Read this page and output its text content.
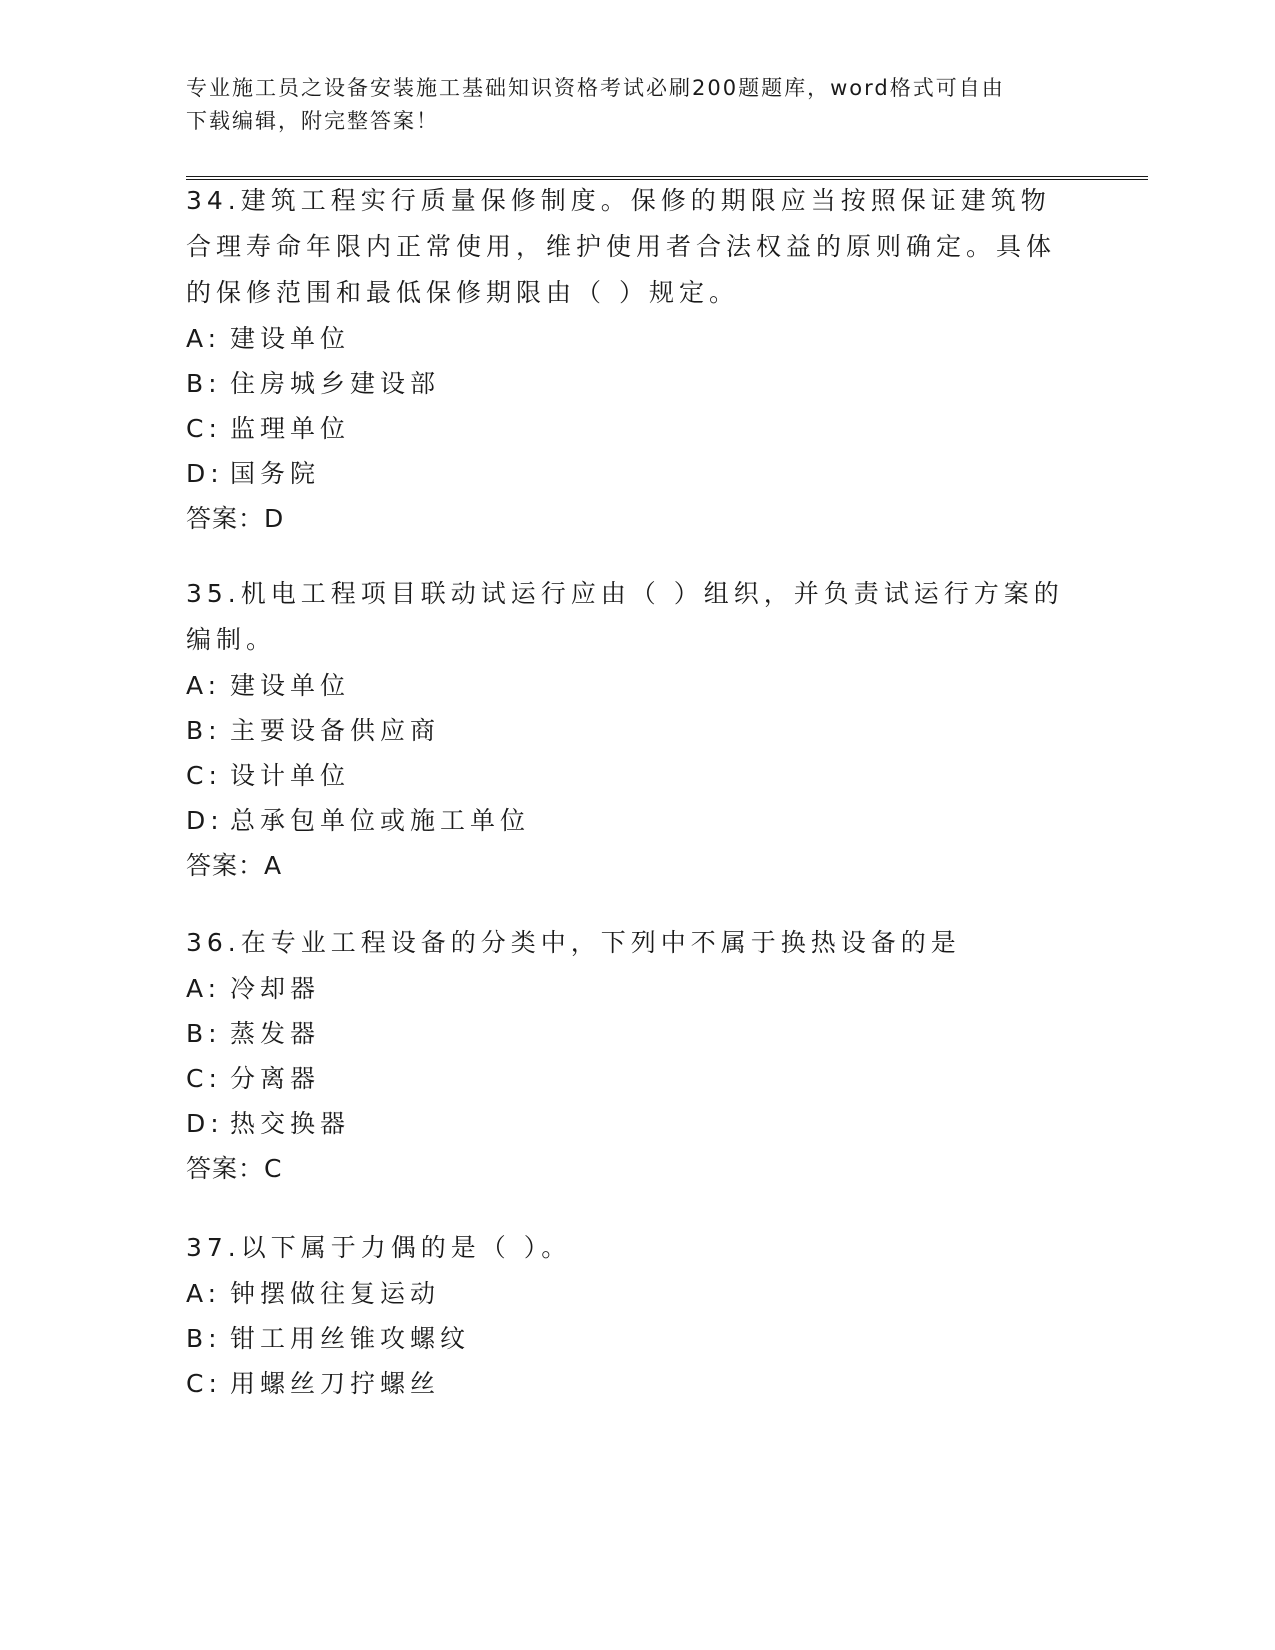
专业施工员之设备安装施工基础知识资格考试必刷200题题库，word格式可自由
下载编辑，附完整答案！
34.建筑工程实行质量保修制度。保修的期限应当按照保证建筑物合理寿命年限内正常使用，维护使用者合法权益的原则确定。具体的保修范围和最低保修期限由（ ）规定。
A: 建设单位
B: 住房城乡建设部
C: 监理单位
D: 国务院
答案：D
35.机电工程项目联动试运行应由（ ）组织，并负责试运行方案的编制。
A: 建设单位
B: 主要设备供应商
C: 设计单位
D: 总承包单位或施工单位
答案：A
36.在专业工程设备的分类中，下列中不属于换热设备的是
A: 冷却器
B: 蒸发器
C: 分离器
D: 热交换器
答案：C
37.以下属于力偶的是（ ）。
A: 钟摆做往复运动
B: 钳工用丝锥攻螺纹
C: 用螺丝刀拧螺丝
